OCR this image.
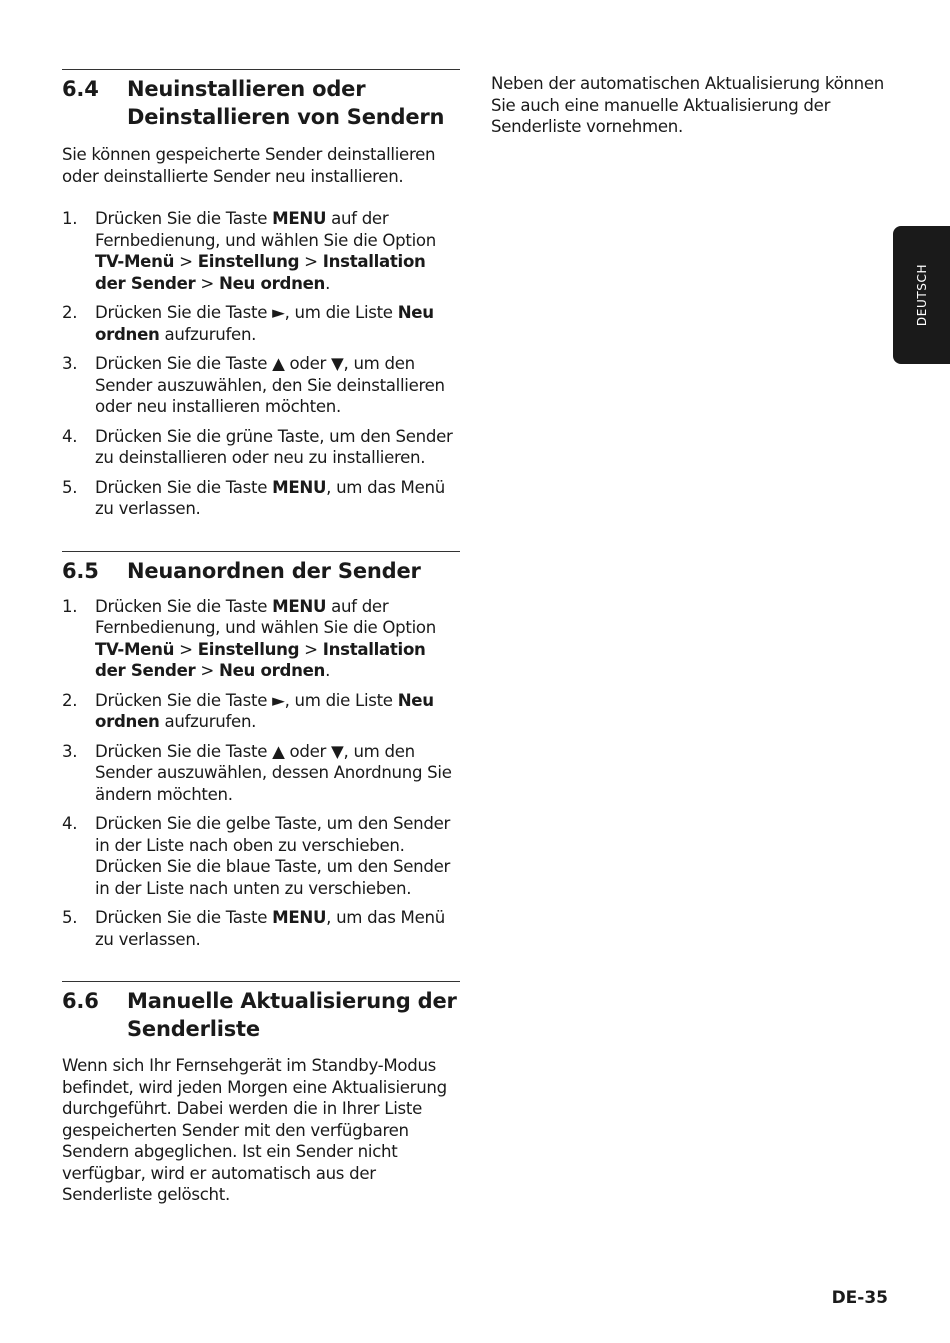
6.4	Neuinstallieren oder Deinstallieren von Sendern

Sie können gespeicherte Sender deinstallieren oder deinstallierte Sender neu installieren.

1.	Drücken Sie die Taste MENU auf der Fernbedienung, und wählen Sie die Option TV-Menü > Einstellung > Installation der Sender > Neu ordnen.
2.	Drücken Sie die Taste ►, um die Liste Neu ordnen aufzurufen.
3.	Drücken Sie die Taste ▲ oder ▼, um den Sender auszuwählen, den Sie deinstallieren oder neu installieren möchten.
4.	Drücken Sie die grüne Taste, um den Sender zu deinstallieren oder neu zu installieren.
5.	Drücken Sie die Taste MENU, um das Menü zu verlassen.
6.5	Neuanordnen der Sender
1.	Drücken Sie die Taste MENU auf der Fernbedienung, und wählen Sie die Option TV-Menü > Einstellung > Installation der Sender > Neu ordnen.
2.	Drücken Sie die Taste ►, um die Liste Neu ordnen aufzurufen.
3.	Drücken Sie die Taste ▲ oder ▼, um den Sender auszuwählen, dessen Anordnung Sie ändern möchten.
4.	Drücken Sie die gelbe Taste, um den Sender in der Liste nach oben zu verschieben. Drücken Sie die blaue Taste, um den Sender in der Liste nach unten zu verschieben.
5.	Drücken Sie die Taste MENU, um das Menü zu verlassen.
6.6	Manuelle Aktualisierung der Senderliste

Wenn sich Ihr Fernsehgerät im Standby-Modus befindet, wird jeden Morgen eine Aktualisierung durchgeführt. Dabei werden die in Ihrer Liste gespeicherten Sender mit den verfügbaren Sendern abgeglichen. Ist ein Sender nicht verfügbar, wird er automatisch aus der Senderliste gelöscht.

Neben der automatischen Aktualisierung können Sie auch eine manuelle Aktualisierung der Senderliste vornehmen.

DEUTSCH
DE-35
